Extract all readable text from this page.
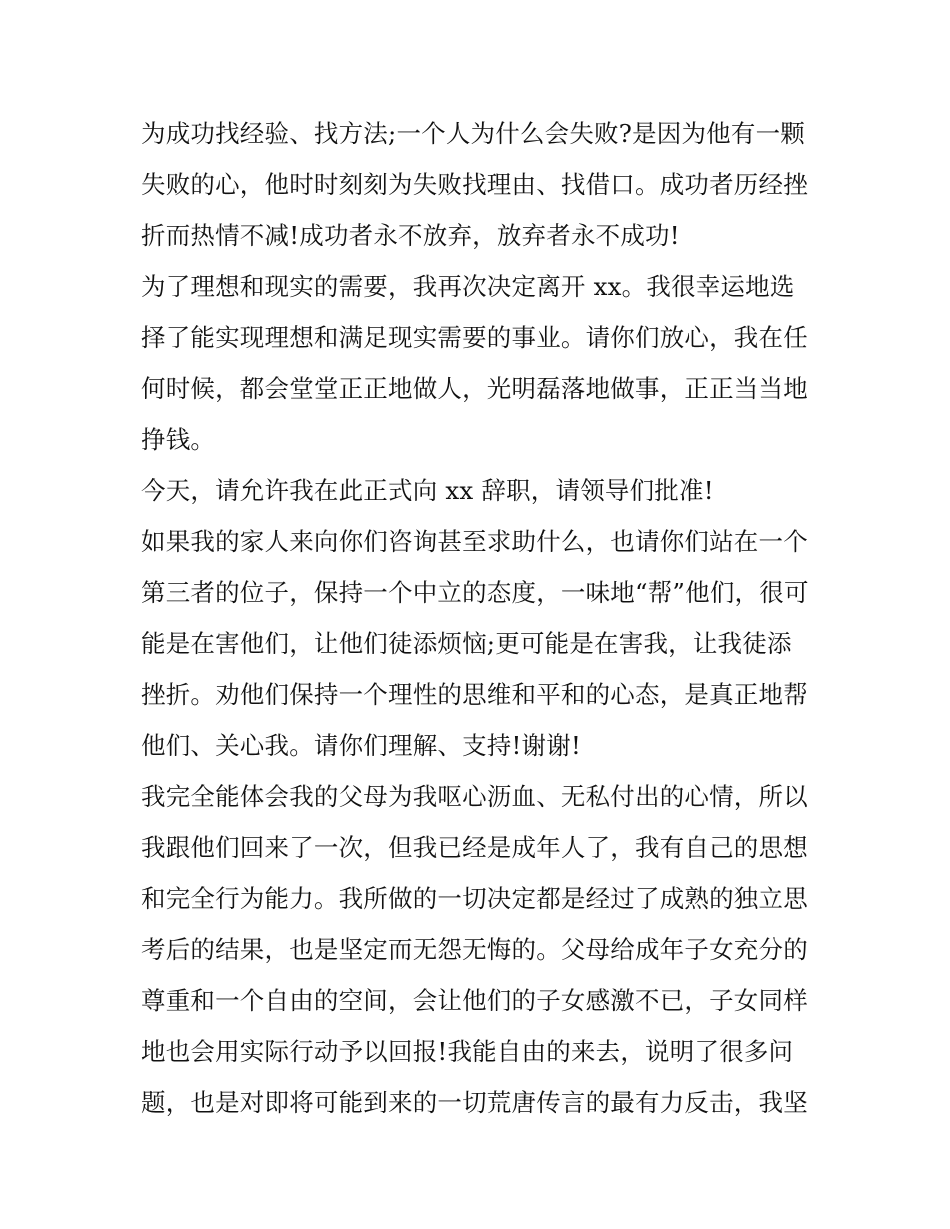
为成功找经验、找方法;一个人为什么会失败?是因为他有一颗
失败的心，他时时刻刻为失败找理由、找借口。成功者历经挫
折而热情不减!成功者永不放弃，放弃者永不成功!
为了理想和现实的需要，我再次决定离开 xx。我很幸运地选
择了能实现理想和满足现实需要的事业。请你们放心，我在任
何时候，都会堂堂正正地做人，光明磊落地做事，正正当当地
挣钱。
今天，请允许我在此正式向 xx 辞职，请领导们批准!
如果我的家人来向你们咨询甚至求助什么，也请你们站在一个
第三者的位子，保持一个中立的态度，一味地“帮”他们，很可
能是在害他们，让他们徒添烦恼;更可能是在害我，让我徒添
挫折。劝他们保持一个理性的思维和平和的心态，是真正地帮
他们、关心我。请你们理解、支持!谢谢!
我完全能体会我的父母为我呕心沥血、无私付出的心情，所以
我跟他们回来了一次，但我已经是成年人了，我有自己的思想
和完全行为能力。我所做的一切决定都是经过了成熟的独立思
考后的结果，也是坚定而无怨无悔的。父母给成年子女充分的
尊重和一个自由的空间，会让他们的子女感激不已，子女同样
地也会用实际行动予以回报!我能自由的来去，说明了很多问
题，也是对即将可能到来的一切荒唐传言的最有力反击，我坚
